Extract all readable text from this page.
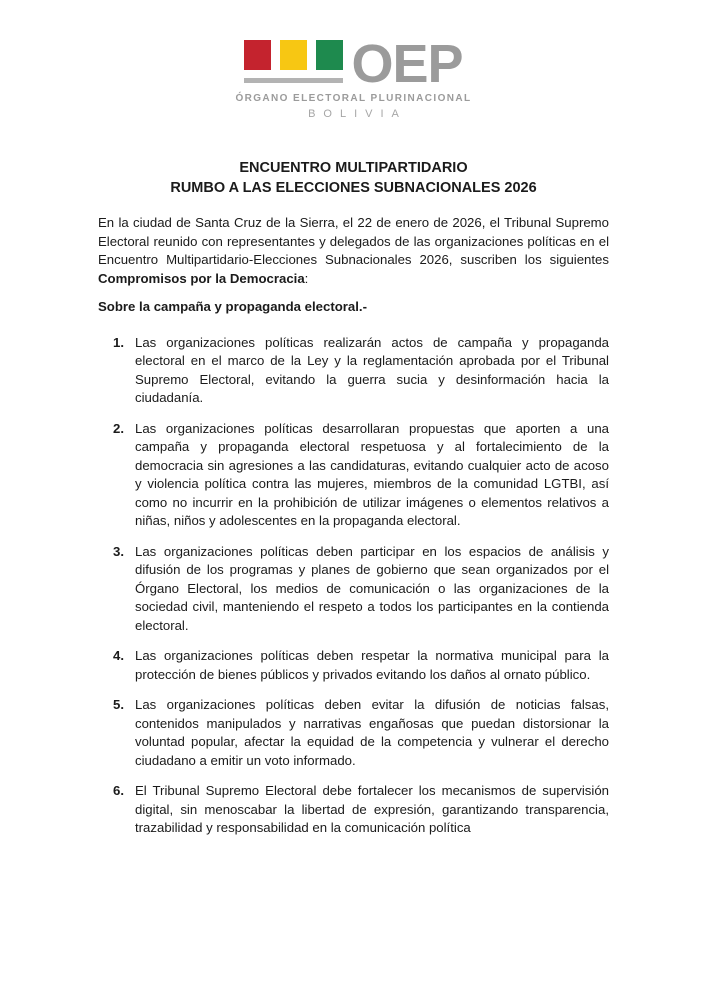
OEP
ÓRGANO ELECTORAL PLURINACIONAL
BOLIVIA
ENCUENTRO MULTIPARTIDARIO
RUMBO A LAS ELECCIONES SUBNACIONALES 2026

En la ciudad de Santa Cruz de la Sierra, el 22 de enero de 2026, el Tribunal Supremo Electoral reunido con representantes y delegados de las organizaciones políticas en el Encuentro Multipartidario-Elecciones Subnacionales 2026, suscriben los siguientes Compromisos por la Democracia:

Sobre la campaña y propaganda electoral.-
1. Las organizaciones políticas realizarán actos de campaña y propaganda electoral en el marco de la Ley y la reglamentación aprobada por el Tribunal Supremo Electoral, evitando la guerra sucia y desinformación hacia la ciudadanía.
2. Las organizaciones políticas desarrollaran propuestas que aporten a una campaña y propaganda electoral respetuosa y al fortalecimiento de la democracia sin agresiones a las candidaturas, evitando cualquier acto de acoso y violencia política contra las mujeres, miembros de la comunidad LGTBI, así como no incurrir en la prohibición de utilizar imágenes o elementos relativos a niñas, niños y adolescentes en la propaganda electoral.
3. Las organizaciones políticas deben participar en los espacios de análisis y difusión de los programas y planes de gobierno que sean organizados por el Órgano Electoral, los medios de comunicación o las organizaciones de la sociedad civil, manteniendo el respeto a todos los participantes en la contienda electoral.
4. Las organizaciones políticas deben respetar la normativa municipal para la protección de bienes públicos y privados evitando los daños al ornato público.
5. Las organizaciones políticas deben evitar la difusión de noticias falsas, contenidos manipulados y narrativas engañosas que puedan distorsionar la voluntad popular, afectar la equidad de la competencia y vulnerar el derecho ciudadano a emitir un voto informado.
6. El Tribunal Supremo Electoral debe fortalecer los mecanismos de supervisión digital, sin menoscabar la libertad de expresión, garantizando transparencia, trazabilidad y responsabilidad en la comunicación política
